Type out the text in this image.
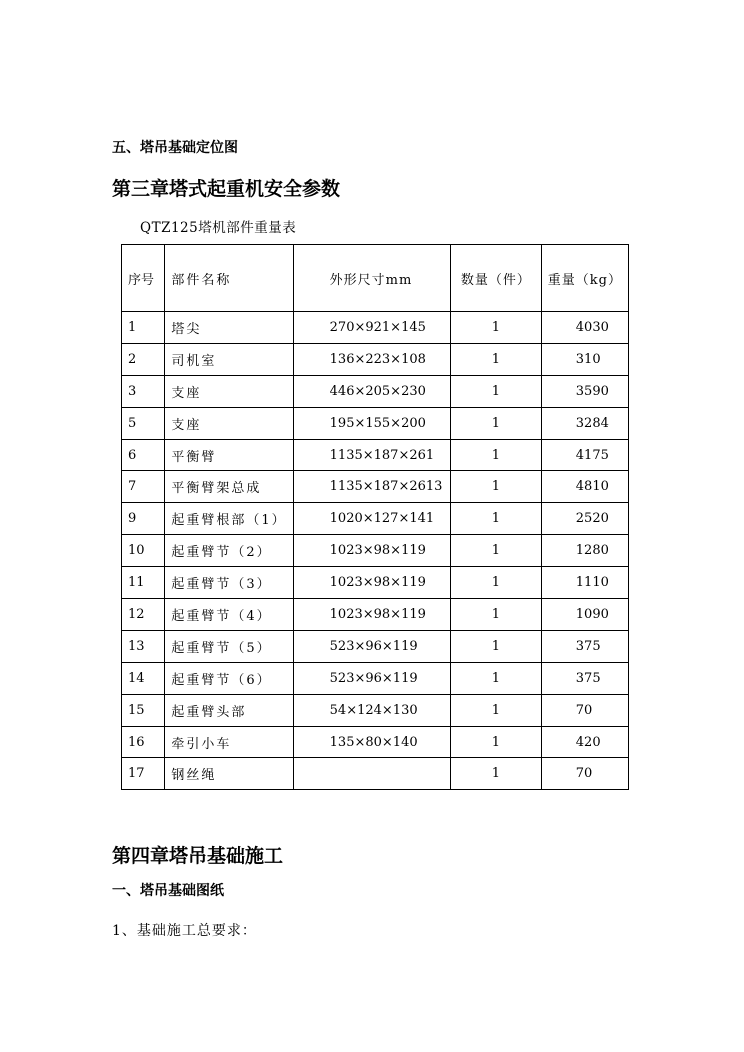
五、塔吊基础定位图
第三章塔式起重机安全参数
QTZ125塔机部件重量表
序号	部件名称	外形尺寸mm	数量（件）	重量（kg）
1	塔尖	270×921×145	1	4030
2	司机室	136×223×108	1	310
3	支座	446×205×230	1	3590
5	支座	195×155×200	1	3284
6	平衡臂	1135×187×261	1	4175
7	平衡臂架总成	1135×187×2613	1	4810
9	起重臂根部（1）	1020×127×141	1	2520
10	起重臂节（2）	1023×98×119	1	1280
11	起重臂节（3）	1023×98×119	1	1110
12	起重臂节（4）	1023×98×119	1	1090
13	起重臂节（5）	523×96×119	1	375
14	起重臂节（6）	523×96×119	1	375
15	起重臂头部	54×124×130	1	70
16	牵引小车	135×80×140	1	420
17	钢丝绳		1	70
第四章塔吊基础施工
一、塔吊基础图纸
1、基础施工总要求：
